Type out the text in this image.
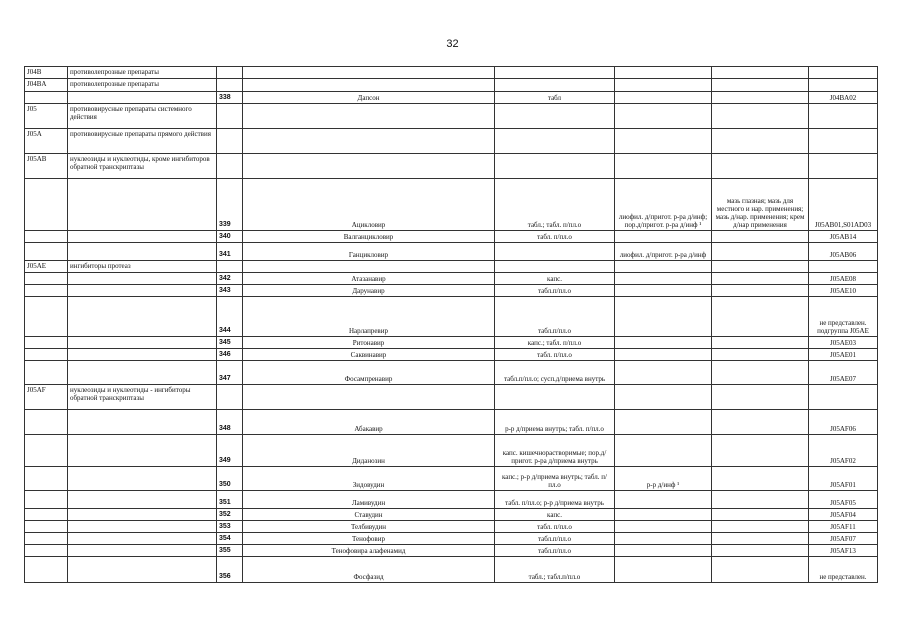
32
J04B	противолепрозные препараты						
J04BA	противолепрозные препараты						
		338	Дапсон	табл			J04BA02
J05	противовирусные препараты системного действия						
J05A	противовирусные препараты прямого действия						
J05AB	нуклеозиды и нуклеотиды, кроме ингибиторов обратной транскриптазы						
		339	Ацикловир	табл.; табл. п/пл.о	лиофил. д/пригот. р-ра д/инф; пор.д/пригот. р-ра д/инф ¹	мазь глазная; мазь для местного и нар. применения; мазь д/нар. применения; крем д/нар применения	J05AB01,S01AD03
		340	Валганцикловир	табл. п/пл.о			J05AB14
		341	Ганцикловир		лиофил. д/пригот. р-ра д/инф		J05AB06
J05AE	ингибиторы протеаз						
		342	Атазанавир	капс.			J05AE08
		343	Дарунавир	табл.п/пл.о			J05AE10
		344	Нарлапревир	табл.п/пл.о			не представлен. подгруппа J05AE
		345	Ритонавир	капс.; табл. п/пл.о			J05AE03
		346	Саквинавир	табл. п/пл.о			J05AE01
		347	Фосампренавир	табл.п/пл.о; сусп.д/приема внутрь			J05AE07
J05AF	нуклеозиды и нуклеотиды - ингибиторы обратной транскриптазы						
		348	Абакавир	р-р д/приема внутрь; табл. п/пл.о			J05AF06
		349	Диданозин	капс. кишечнорастворимые; пор.д/пригот. р-ра д/приема внутрь			J05AF02
		350	Зидовудин	капс.; р-р д/приема внутрь; табл. п/пл.о	р-р д/инф ¹		J05AF01
		351	Ламивудин	табл. п/пл.о; р-р д/приема внутрь			J05AF05
		352	Ставудин	капс.			J05AF04
		353	Телбивудин	табл. п/пл.о			J05AF11
		354	Тенофовир	табл.п/пл.о			J05AF07
		355	Тенофовира алафенамид	табл.п/пл.о			J05AF13
		356	Фосфазид	табл.; табл.п/пл.о			не представлен.
